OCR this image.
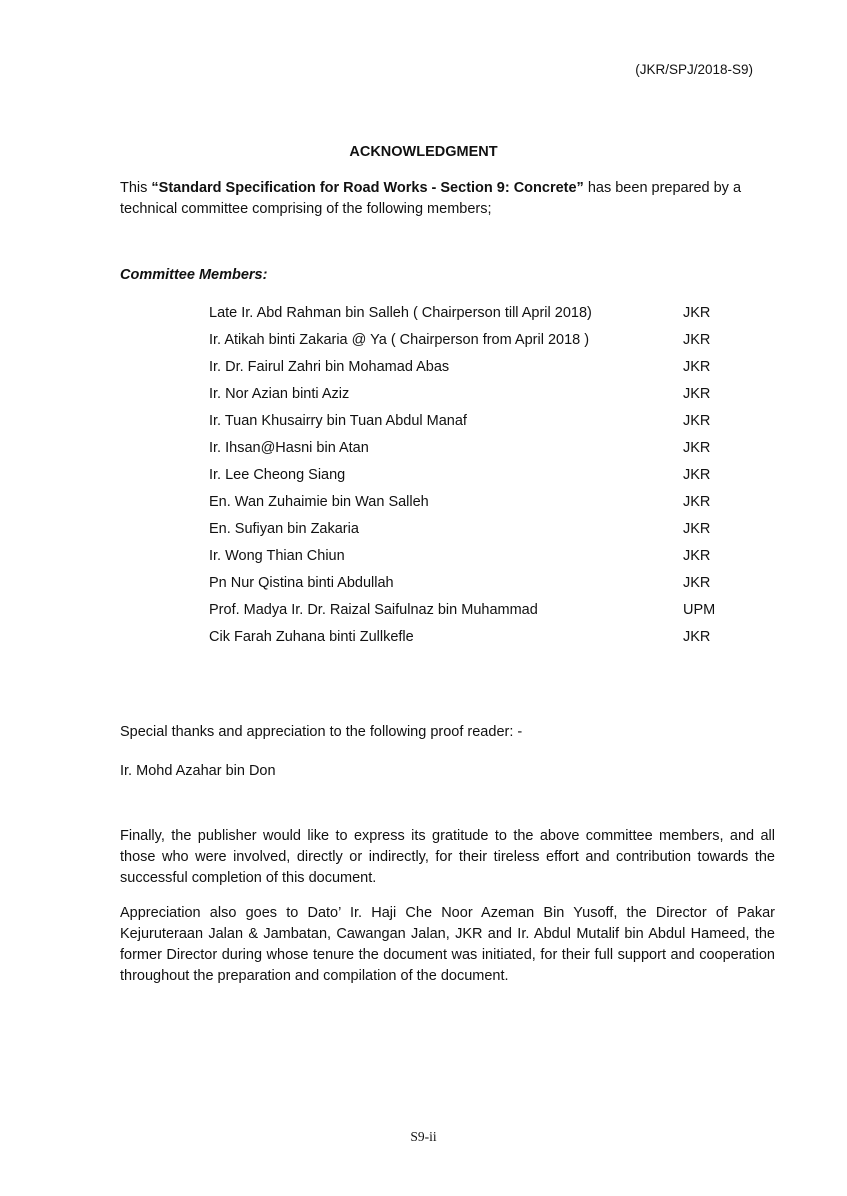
(JKR/SPJ/2018-S9)
ACKNOWLEDGMENT
This “Standard Specification for Road Works - Section 9: Concrete” has been prepared by a technical committee comprising of the following members;
Committee Members:
Late Ir. Abd Rahman bin Salleh ( Chairperson till April 2018)	JKR
Ir. Atikah binti Zakaria @ Ya ( Chairperson from April 2018 )	JKR
Ir. Dr. Fairul Zahri bin Mohamad Abas	JKR
Ir. Nor Azian binti Aziz	JKR
Ir. Tuan Khusairry bin Tuan Abdul Manaf	JKR
Ir. Ihsan@Hasni bin Atan	JKR
Ir. Lee Cheong Siang	JKR
En. Wan Zuhaimie bin Wan Salleh	JKR
En. Sufiyan bin Zakaria	JKR
Ir. Wong Thian Chiun	JKR
Pn Nur Qistina binti Abdullah	JKR
Prof. Madya Ir. Dr. Raizal Saifulnaz bin Muhammad	UPM
Cik Farah Zuhana binti Zullkefle	JKR
Special thanks and appreciation to the following proof reader: -
Ir. Mohd Azahar bin Don
Finally, the publisher would like to express its gratitude to the above committee members, and all those who were involved, directly or indirectly, for their tireless effort and contribution towards the successful completion of this document.
Appreciation also goes to Dato’ Ir. Haji Che Noor Azeman Bin Yusoff, the Director of Pakar Kejuruteraan Jalan & Jambatan, Cawangan Jalan, JKR and Ir. Abdul Mutalif bin Abdul Hameed, the former Director during whose tenure the document was initiated, for their full support and cooperation throughout the preparation and compilation of the document.
S9-ii
